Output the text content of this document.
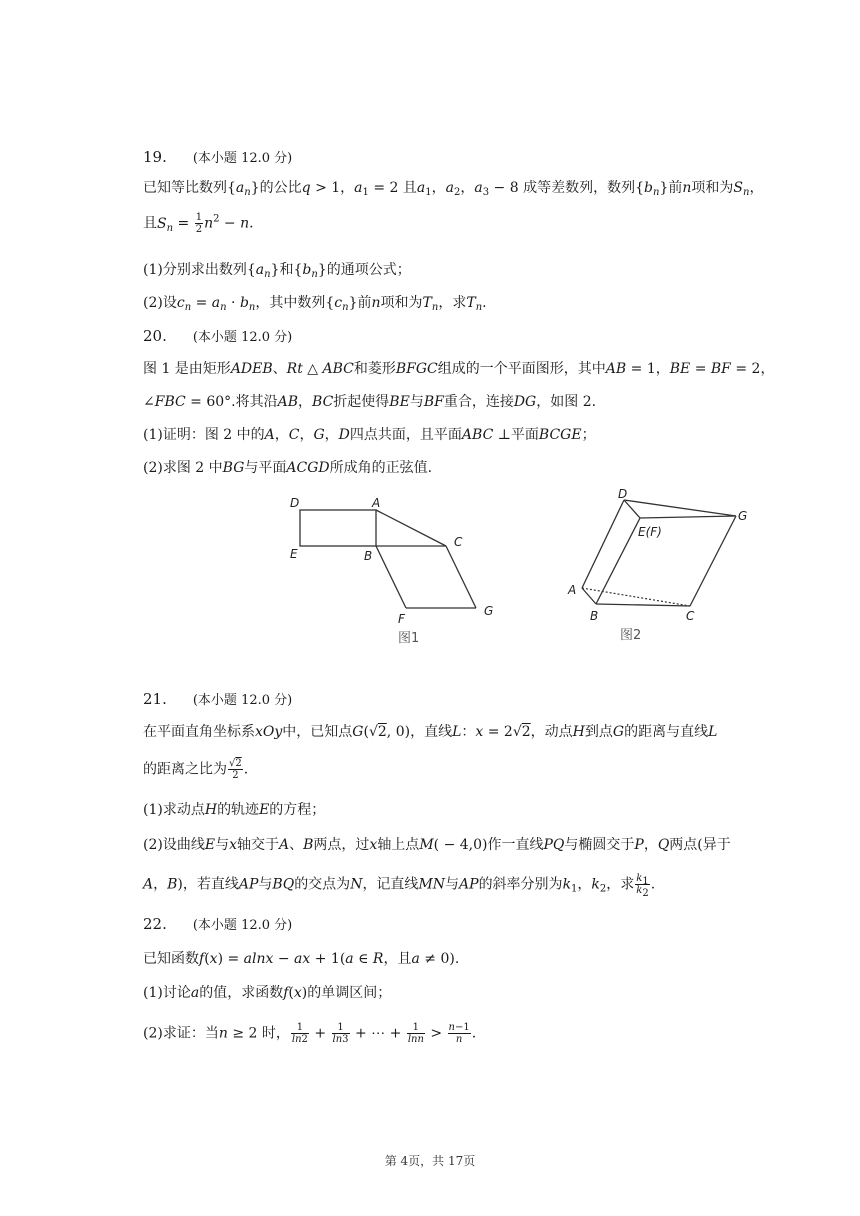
19. (本小题 12.0 分)
已知等比数列$\{a_n\}$的公比q > 1，$a_1 = 2$ 且$a_1$，$a_2$，$a_3 - 8$ 成等差数列，数列$\{b_n\}$前n项和为$S_n$，
且$S_n = \frac{1}{2} n^2 - n$.
(1)分别求出数列$\{a_n\}$和$\{b_n\}$的通项公式；
(2)设$c_n = a_n \cdot b_n$，其中数列$\{c_n\}$前n项和为$T_n$，求$T_n$.
20. (本小题 12.0 分)
图 1 是由矩形ADEB、Rt △ ABC和菱形BFGC组成的一个平面图形，其中AB = 1，BE = BF = 2，
∠FBC = 60°.将其沿AB，BC折起使得BE与BF重合，连接DG，如图 2.
(1)证明：图 2 中的A，C，G，D四点共面，且平面ABC ⊥平面BCGE；
(2)求图 2 中BG与平面ACGD所成角的正弦值.
D	A
E	B
C
F
G
图1
D
G
E(F)
A
B	C
图2
21. (本小题 12.0 分)
在平面直角坐标系xOy中，已知点G(√2, 0)，直线L：x = 2√2，动点H到点G的距离与直线L
的距离之比为 $\frac{√2}{2}$ .
(1)求动点H的轨迹E的方程；
(2)设曲线E与x轴交于A、B两点，过x轴上点M( − 4,0)作一直线PQ与椭圆交于P，Q两点(异于
A，B)，若直线AP与BQ的交点为N，记直线MN与AP的斜率分别为$k_1$，$k_2$，求 $\frac{k_1}{k_2}$ .
22. (本小题 12.0 分)
已知函数f(x) = alnx − ax + 1(a ∈ R，且a ≠ 0).
(1)讨论a的值，求函数f(x)的单调区间；
(2)求证：当n ≥ 2 时， $\frac{1}{\ln 2} + \frac{1}{\ln 3}$ + ⋯ + $\frac{1}{\ln n} > \frac{n-1}{n}$ .
第 4页，共 17页
